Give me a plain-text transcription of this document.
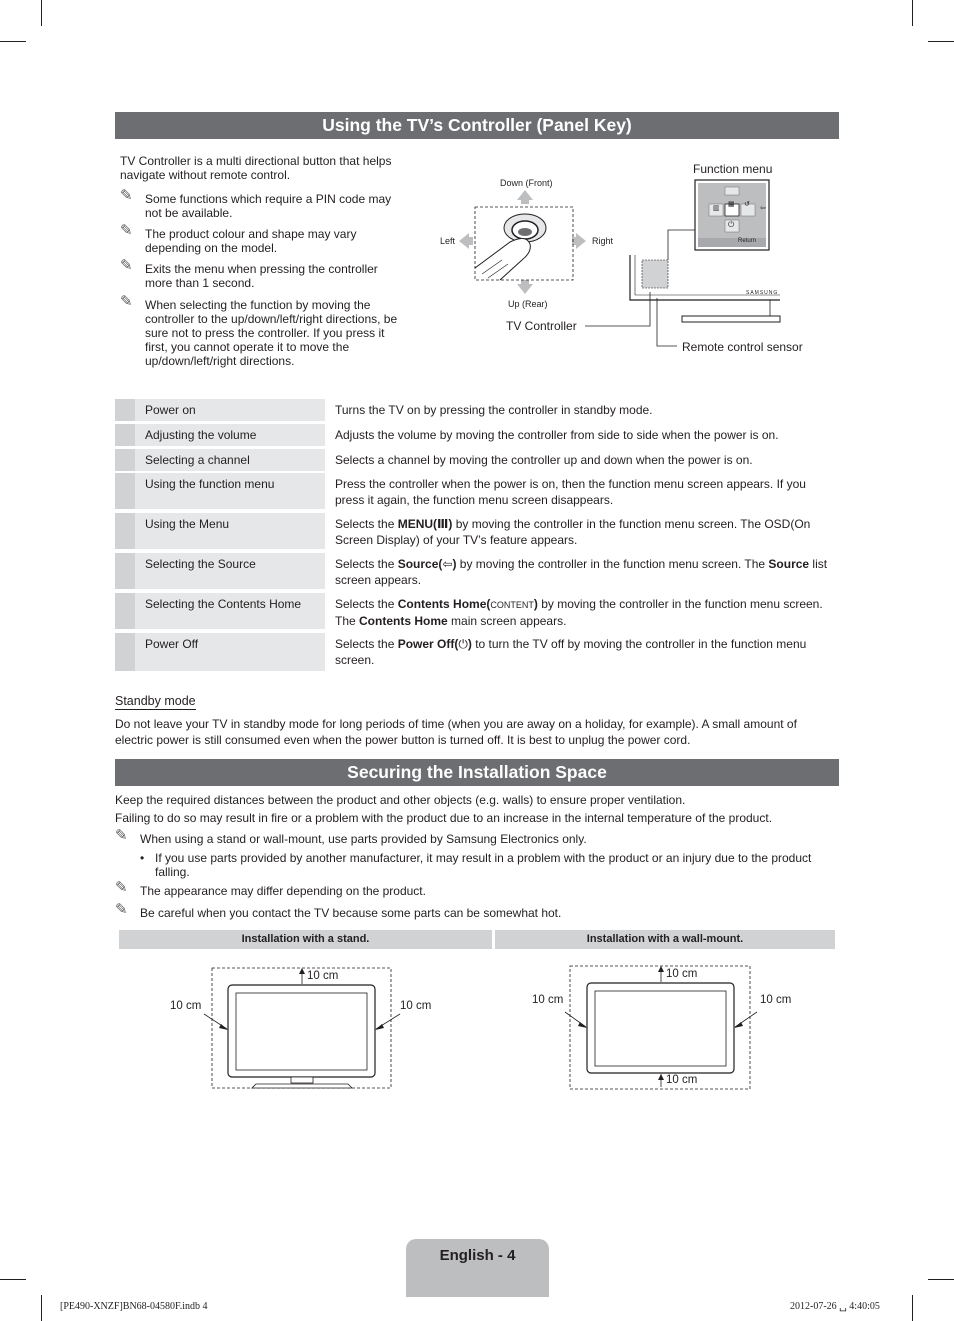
Using the TV’s Controller (Panel Key)
TV Controller is a multi directional button that helps navigate without remote control.
✎ Some functions which require a PIN code may not be available.
✎ The product colour and shape may vary depending on the model.
✎ Exits the menu when pressing the controller more than 1 second.
✎ When selecting the function by moving the controller to the up/down/left/right directions, be sure not to press the controller. If you press it first, you cannot operate it to move the up/down/left/right directions.
Down (Front)
Up (Rear)
Left	Right
▦ ↺
▥	⇦
⏻
Return
SAMSUNG
Function menu
TV Controller
Remote control sensor
Power on	Turns the TV on by pressing the controller in standby mode.
Adjusting the volume	Adjusts the volume by moving the controller from side to side when the power is on.
Selecting a channel	Selects a channel by moving the controller up and down when the power is on.
Using the function menu	Press the controller when the power is on, then the function menu screen appears. If you press it again, the function menu screen disappears.
Using the Menu	Selects the MENU(Ⅲ) by moving the controller in the function menu screen. The OSD(On Screen Display) of your TV’s feature appears.
Selecting the Source	Selects the Source(⇦) by moving the controller in the function menu screen. The Source list screen appears.
Selecting the Contents Home	Selects the Contents Home(CONTENT) by moving the controller in the function menu screen. The Contents Home main screen appears.
Power Off	Selects the Power Off(⏻) to turn the TV off by moving the controller in the function menu screen.
Standby mode
Do not leave your TV in standby mode for long periods of time (when you are away on a holiday, for example). A small amount of electric power is still consumed even when the power button is turned off. It is best to unplug the power cord.
Securing the Installation Space
Keep the required distances between the product and other objects (e.g. walls) to ensure proper ventilation.
Failing to do so may result in fire or a problem with the product due to an increase in the internal temperature of the product.
✎ When using a stand or wall-mount, use parts provided by Samsung Electronics only.
• If you use parts provided by another manufacturer, it may result in a problem with the product or an injury due to the product falling.
✎ The appearance may differ depending on the product.
✎ Be careful when you contact the TV because some parts can be somewhat hot.
Installation with a stand.	Installation with a wall-mount.
10 cm
10 cm	10 cm
10 cm
10 cm
10 cm	10 cm
English - 4
[PE490-XNZF]BN68-04580F.indb 4	2012-07-26 ␣ 4:40:05
